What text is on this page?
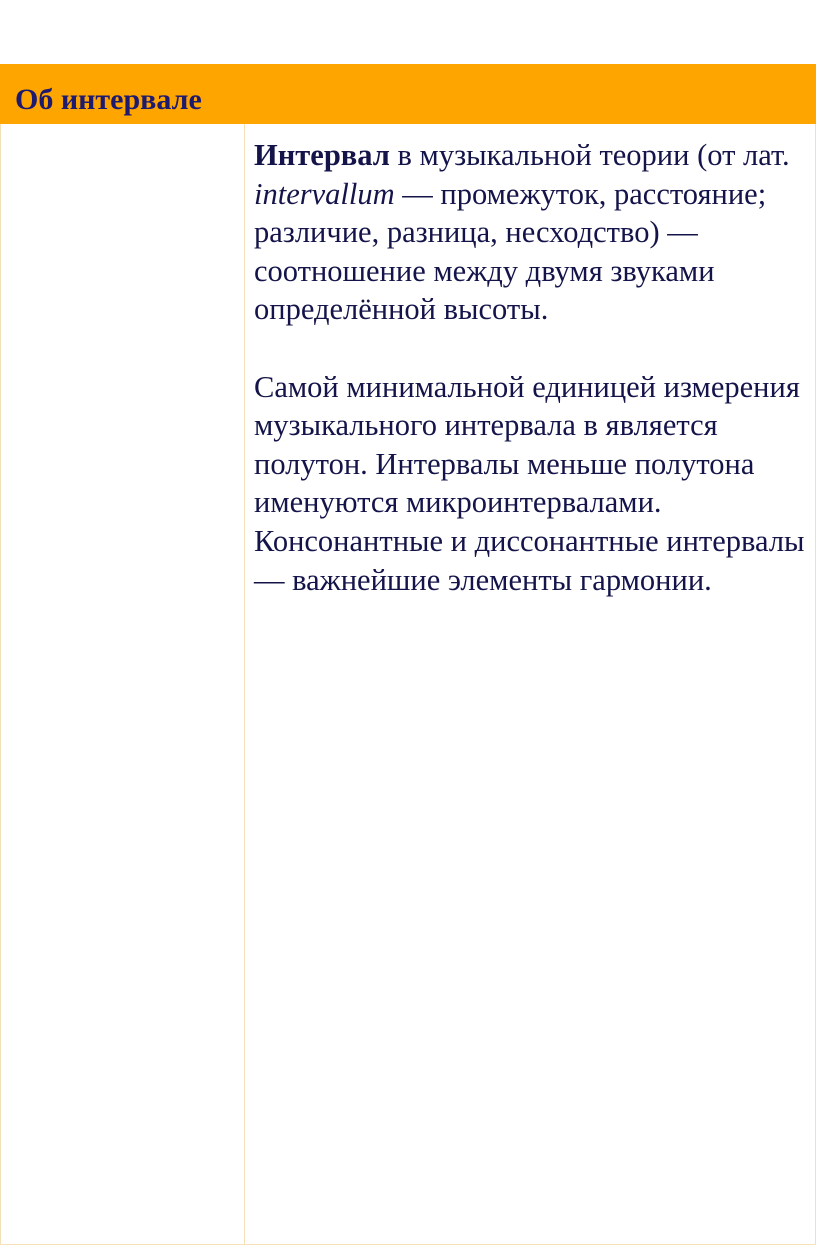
Об интервале

Интервал в музыкальной теории (от лат. intervallum — промежуток, расстояние; различие, разница, несходство) — соотношение между двумя звуками определённой высоты.

Самой минимальной единицей измерения музыкального интервала в является полутон. Интервалы меньше полутона именуются микроинтервалами. Консонантные и диссонантные интервалы — важнейшие элементы гармонии.
